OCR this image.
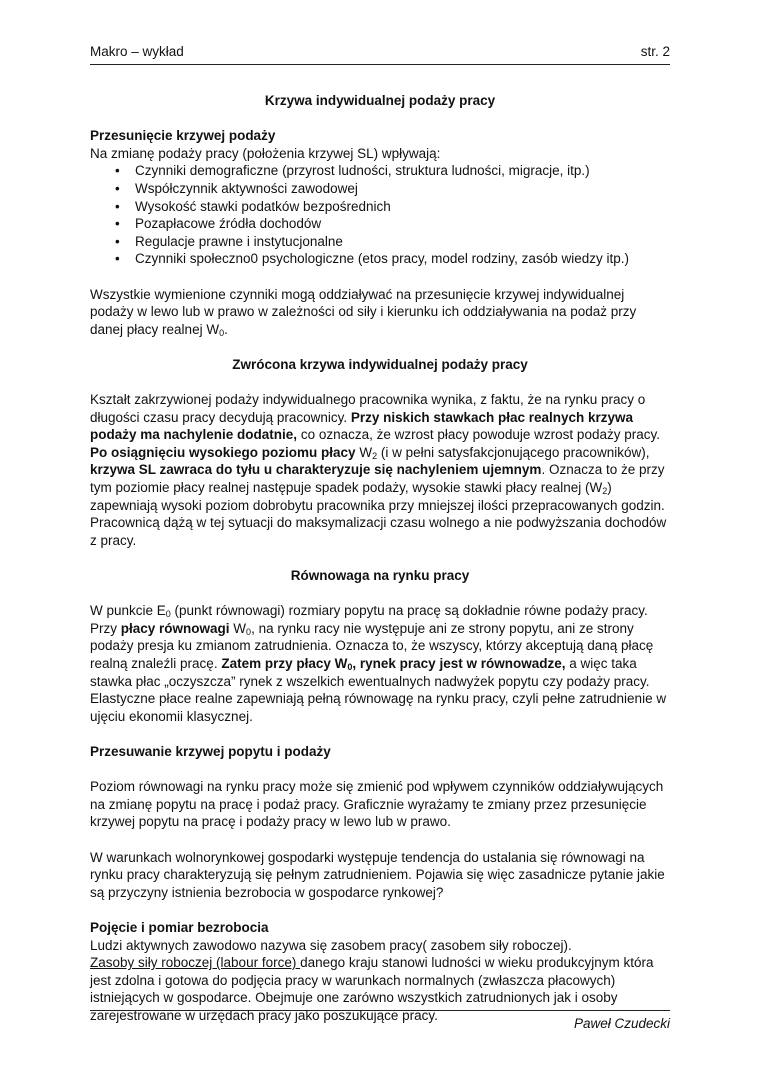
Makro – wykład	str. 2

Krzywa indywidualnej podaży pracy

Przesunięcie krzywej podaży

Na zmianę podaży pracy (położenia krzywej SL) wpływają:

• Czynniki demograficzne (przyrost ludności, struktura ludności, migracje, itp.)
• Współczynnik aktywności zawodowej
• Wysokość stawki podatków bezpośrednich
• Pozapłacowe źródła dochodów
• Regulacje prawne i instytucjonalne
• Czynniki społeczno0 psychologiczne (etos pracy, model rodziny, zasób wiedzy itp.)

Wszystkie wymienione czynniki mogą oddziaływać na przesunięcie krzywej indywidualnej podaży w lewo lub w prawo w zależności od siły i kierunku ich oddziaływania na podaż przy danej płacy realnej $W_0$.

Zwrócona krzywa indywidualnej podaży pracy

Kształt zakrzywionej podaży indywidualnego pracownika wynika, z faktu, że na rynku pracy o długości czasu pracy decydują pracownicy. Przy niskich stawkach płac realnych krzywa podaży ma nachylenie dodatnie, co oznacza, że wzrost płacy powoduje wzrost podaży pracy. Po osiągnięciu wysokiego poziomu płacy $W_2$ (i w pełni satysfakcjonującego pracowników), krzywa SL zawraca do tyłu u charakteryzuje się nachyleniem ujemnym. Oznacza to że przy tym poziomie płacy realnej następuje spadek podaży, wysokie stawki płacy realnej $(W_2)$ zapewniają wysoki poziom dobrobytu pracownika przy mniejszej ilości przepracowanych godzin. Pracownicą dążą w tej sytuacji do maksymalizacji czasu wolnego a nie podwyższania dochodów z pracy.

Równowaga na rynku pracy

W punkcie $E_0$ (punkt równowagi) rozmiary popytu na pracę są dokładnie równe podaży pracy. Przy płacy równowagi $W_0$, na rynku racy nie występuje ani ze strony popytu, ani ze strony podaży presja ku zmianom zatrudnienia. Oznacza to, że wszyscy, którzy akceptują daną płacę realną znaleźli pracę. Zatem przy płacy $W_0$, rynek pracy jest w równowadze, a więc taka stawka płac „oczyszcza” rynek z wszelkich ewentualnych nadwyżek popytu czy podaży pracy. Elastyczne płace realne zapewniają pełną równowagę na rynku pracy, czyli pełne zatrudnienie w ujęciu ekonomii klasycznej.

Przesuwanie krzywej popytu i podaży

Poziom równowagi na rynku pracy może się zmienić pod wpływem czynników oddziaływujących na zmianę popytu na pracę i podaż pracy. Graficznie wyrażamy te zmiany przez przesunięcie krzywej popytu na pracę i podaży pracy w lewo lub w prawo.

W warunkach wolnorynkowej gospodarki występuje tendencja do ustalania się równowagi na rynku pracy charakteryzują się pełnym zatrudnieniem. Pojawia się więc zasadnicze pytanie jakie są przyczyny istnienia bezrobocia w gospodarce rynkowej?

Pojęcie i pomiar bezrobocia

Ludzi aktywnych zawodowo nazywa się zasobem pracy( zasobem siły roboczej).

Zasoby siły roboczej (labour force) danego kraju stanowi ludności w wieku produkcyjnym która jest zdolna i gotowa do podjęcia pracy w warunkach normalnych (zwłaszcza płacowych) istniejących w gospodarce. Obejmuje one zarówno wszystkich zatrudnionych jak i osoby zarejestrowane w urzędach pracy jako poszukujące pracy.

Paweł Czudecki
